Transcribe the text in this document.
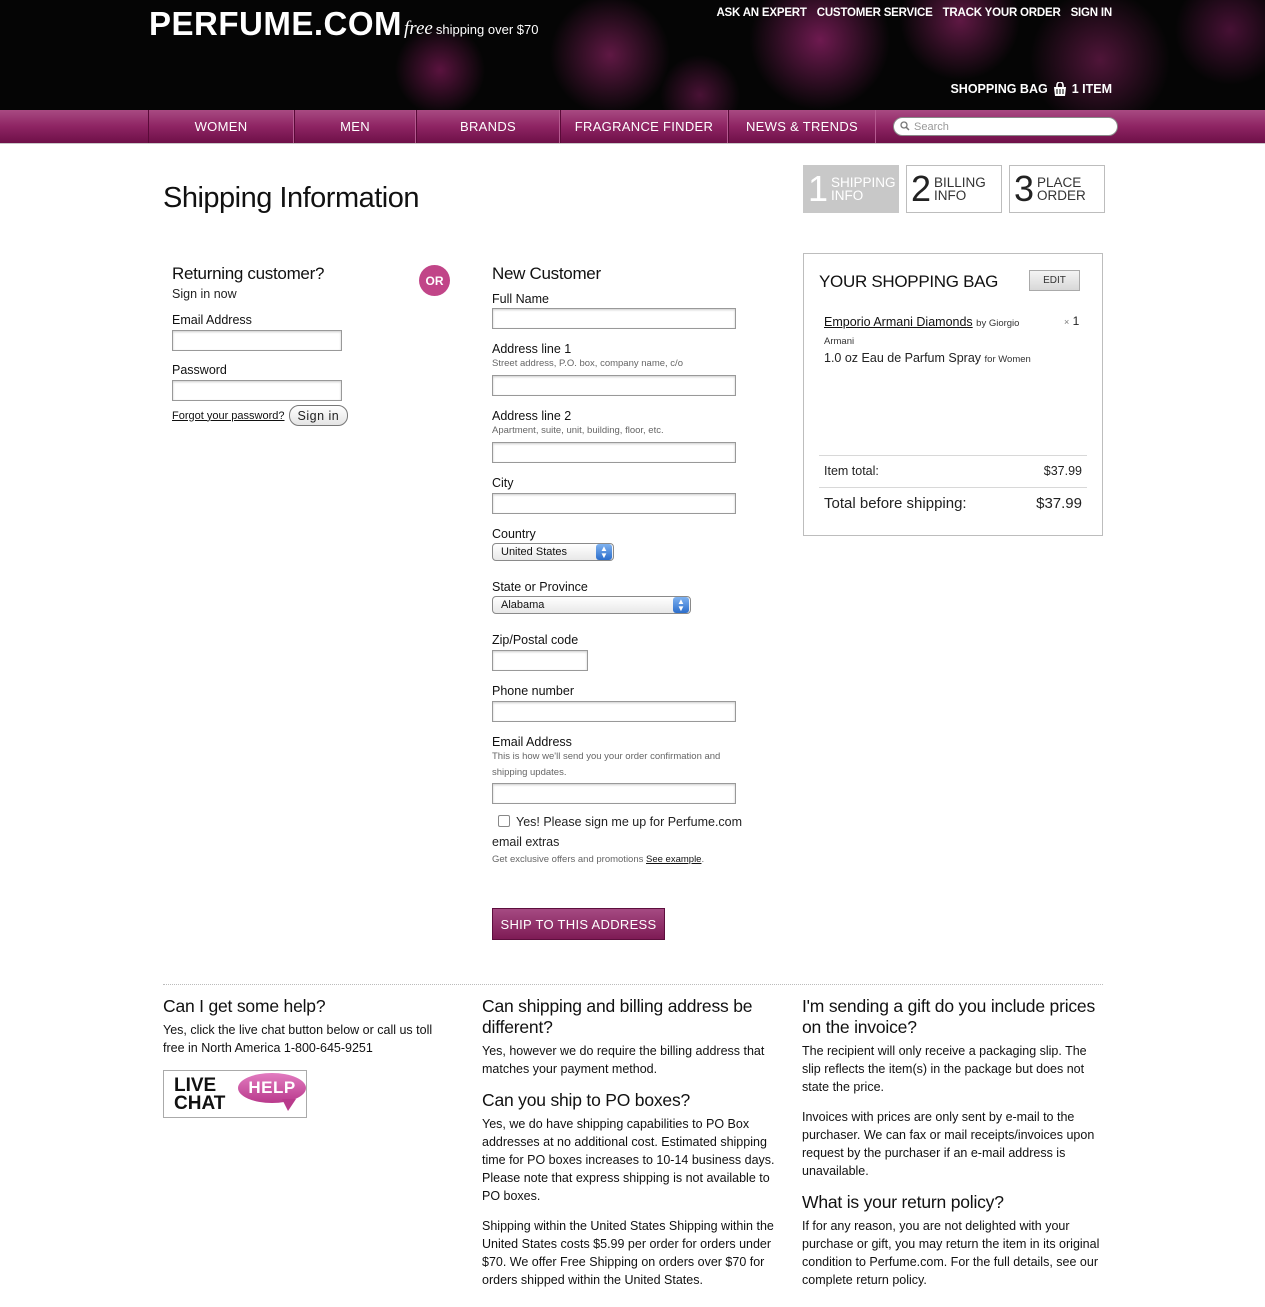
PERFUME.COM free shipping over $70
ASK AN EXPERT CUSTOMER SERVICE TRACK YOUR ORDER SIGN IN
SHOPPING BAG 1 ITEM
WOMEN	MEN	BRANDS	FRAGRANCE FINDER	NEWS & TRENDS
Search
Shipping Information	1 SHIPPING
INFO	2 BILLING
INFO	3 PLACE
ORDER
Returning customer?
Sign in now
Email Address
Password
Forgot your password?	Sign in
OR	New Customer
Full Name
Address line 1
Street address, P.O. box, company name, c/o
Address line 2
Apartment, suite, unit, building, floor, etc.
City
Country
United States	▲
▼
State or Province
Alabama	▲
▼
Zip/Postal code
Phone number
Email Address
This is how we'll send you your order confirmation and shipping updates.
Yes! Please sign me up for Perfume.com email extras
Get exclusive offers and promotions See example.
SHIP TO THIS ADDRESS
YOUR SHOPPING BAG	EDIT
Emporio Armani Diamonds by Giorgio Armani
1.0 oz Eau de Parfum Spray for Women
× 1
Item total:	$37.99
Total before shipping:	$37.99
Can I get some help?
Yes, click the live chat button below or call us toll free in North America 1-800-645-9251
LIVE
CHAT
HELP
Can shipping and billing address be different?
Yes, however we do require the billing address that matches your payment method.
Can you ship to PO boxes?
Yes, we do have shipping capabilities to PO Box addresses at no additional cost. Estimated shipping time for PO boxes increases to 10-14 business days. Please note that express shipping is not available to PO boxes.
Shipping within the United States Shipping within the United States costs $5.99 per order for orders under $70. We offer Free Shipping on orders over $70 for orders shipped within the United States.
I'm sending a gift do you include prices on the invoice?
The recipient will only receive a packaging slip. The slip reflects the item(s) in the package but does not state the price.
Invoices with prices are only sent by e-mail to the purchaser. We can fax or mail receipts/invoices upon request by the purchaser if an e-mail address is unavailable.
What is your return policy?
If for any reason, you are not delighted with your purchase or gift, you may return the item in its original condition to Perfume.com. For the full details, see our complete return policy.
